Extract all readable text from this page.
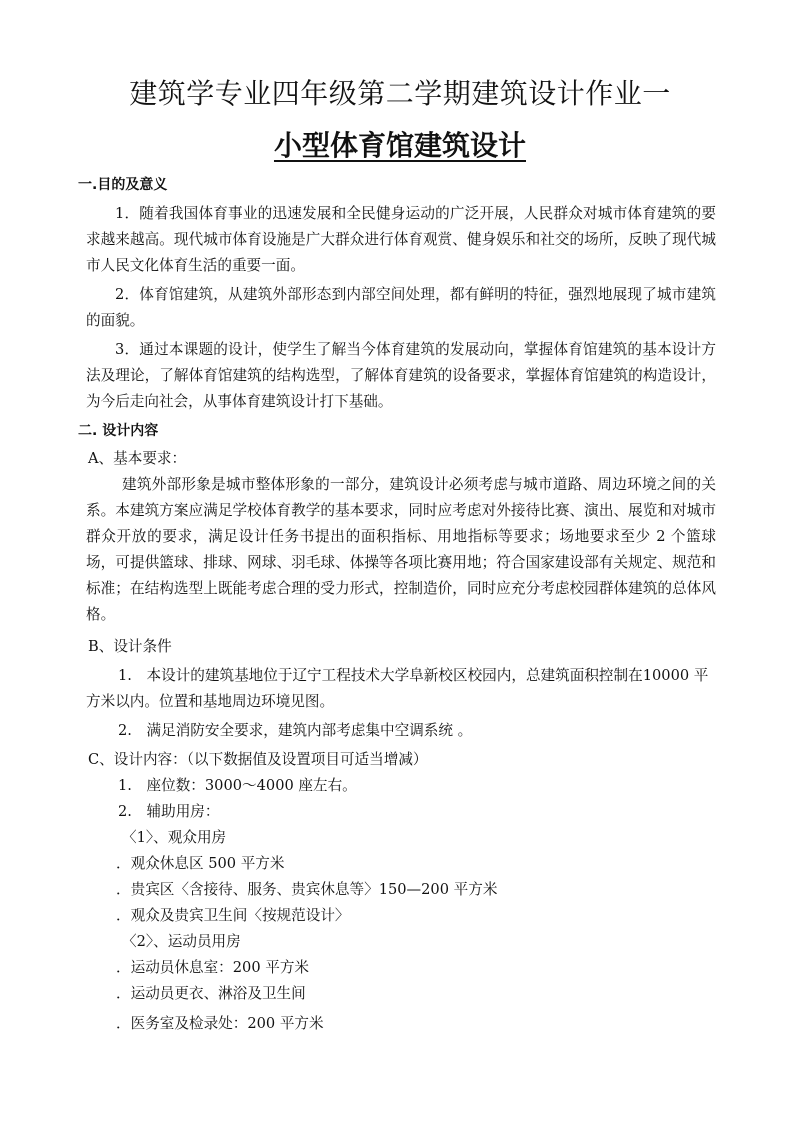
建筑学专业四年级第二学期建筑设计作业一
小型体育馆建筑设计
一.目的及意义

1．随着我国体育事业的迅速发展和全民健身运动的广泛开展，人民群众对城市体育建筑的要求越来越高。现代城市体育设施是广大群众进行体育观赏、健身娱乐和社交的场所，反映了现代城市人民文化体育生活的重要一面。

2．体育馆建筑，从建筑外部形态到内部空间处理，都有鲜明的特征，强烈地展现了城市建筑的面貌。

3．通过本课题的设计，使学生了解当今体育建筑的发展动向，掌握体育馆建筑的基本设计方法及理论，了解体育馆建筑的结构选型，了解体育建筑的设备要求，掌握体育馆建筑的构造设计，为今后走向社会，从事体育建筑设计打下基础。

二. 设计内容
A、基本要求：

建筑外部形象是城市整体形象的一部分，建筑设计必须考虑与城市道路、周边环境之间的关系。本建筑方案应满足学校体育教学的基本要求，同时应考虑对外接待比赛、演出、展览和对城市群众开放的要求，满足设计任务书提出的面积指标、用地指标等要求；场地要求至少 2 个篮球场，可提供篮球、排球、网球、羽毛球、体操等各项比赛用地；符合国家建设部有关规定、规范和标准；在结构选型上既能考虑合理的受力形式，控制造价，同时应充分考虑校园群体建筑的总体风格。

B、设计条件

1.　本设计的建筑基地位于辽宁工程技术大学阜新校区校园内，总建筑面积控制在10000 平方米以内。位置和基地周边环境见图。

2.　满足消防安全要求，建筑内部考虑集中空调系统 。

C、设计内容：（以下数据值及设置项目可适当增减）

1.　座位数：3000～4000 座左右。

2.　辅助用房：

〈1〉、观众用房

．观众休息区 500 平方米

．贵宾区〈含接待、服务、贵宾休息等〉150—200 平方米

．观众及贵宾卫生间〈按规范设计〉

〈2〉、运动员用房

．运动员休息室：200 平方米

．运动员更衣、淋浴及卫生间

．医务室及检录处：200 平方米
